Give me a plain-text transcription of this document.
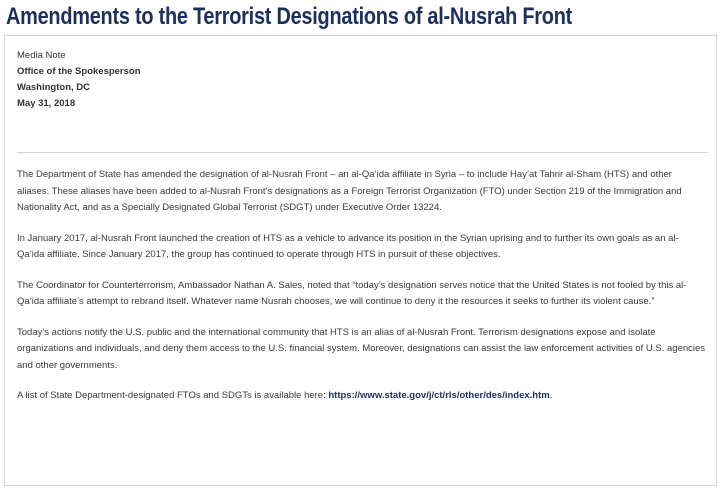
Amendments to the Terrorist Designations of al-Nusrah Front
Media Note
Office of the Spokesperson
Washington, DC
May 31, 2018

The Department of State has amended the designation of al-Nusrah Front – an al-Qa’ida affiliate in Syria – to include Hay’at Tahrir al-Sham (HTS) and other aliases. These aliases have been added to al-Nusrah Front’s designations as a Foreign Terrorist Organization (FTO) under Section 219 of the Immigration and Nationality Act, and as a Specially Designated Global Terrorist (SDGT) under Executive Order 13224.

In January 2017, al-Nusrah Front launched the creation of HTS as a vehicle to advance its position in the Syrian uprising and to further its own goals as an al-Qa’ida affiliate. Since January 2017, the group has continued to operate through HTS in pursuit of these objectives.

The Coordinator for Counterterrorism, Ambassador Nathan A. Sales, noted that “today’s designation serves notice that the United States is not fooled by this al-Qa’ida affiliate’s attempt to rebrand itself. Whatever name Nusrah chooses, we will continue to deny it the resources it seeks to further its violent cause.”

Today’s actions notify the U.S. public and the international community that HTS is an alias of al-Nusrah Front. Terrorism designations expose and isolate organizations and individuals, and deny them access to the U.S. financial system. Moreover, designations can assist the law enforcement activities of U.S. agencies and other governments.

A list of State Department-designated FTOs and SDGTs is available here: https://www.state.gov/j/ct/rls/other/des/index.htm.
